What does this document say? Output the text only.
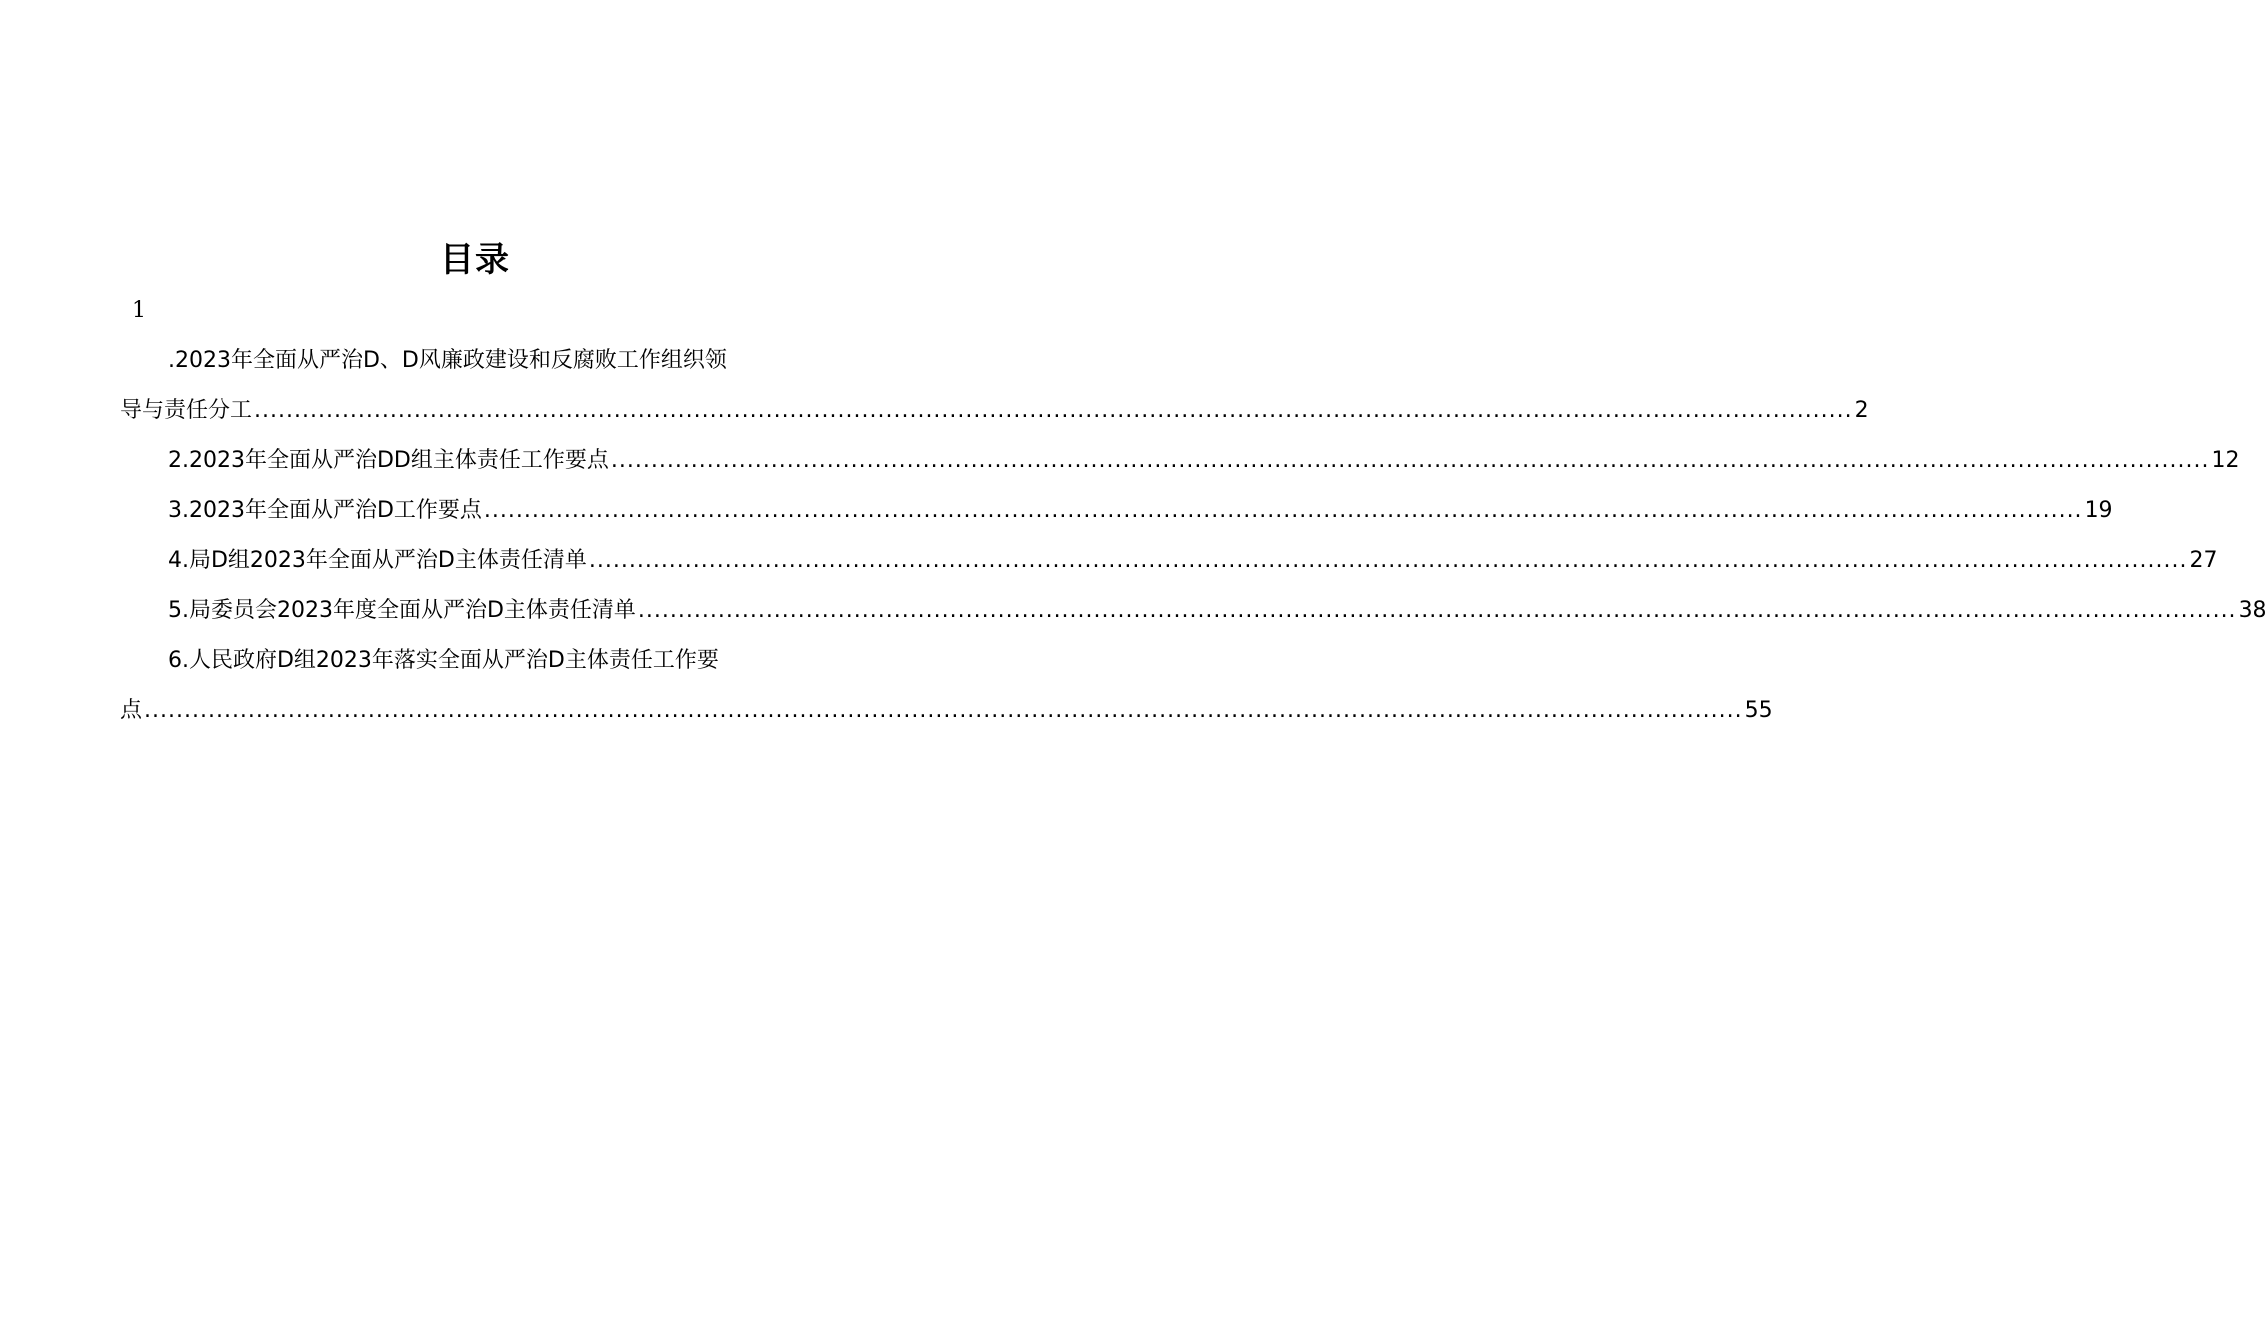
目录
1
.2023年全面从严治D、D风廉政建设和反腐败工作组织领
导与责任分工 ........................................................................................................................................................................................................ 2
2.2023年全面从严治DD组主体责任工作要点 ........................................................................................................................................................................................................ 12
3.2023年全面从严治D工作要点 ........................................................................................................................................................................................................ 19
4.局D组2023年全面从严治D主体责任清单 ........................................................................................................................................................................................................ 27
5.局委员会2023年度全面从严治D主体责任清单 ........................................................................................................................................................................................................ 38
6.人民政府D组2023年落实全面从严治D主体责任工作要
点 ........................................................................................................................................................................................................ 55
